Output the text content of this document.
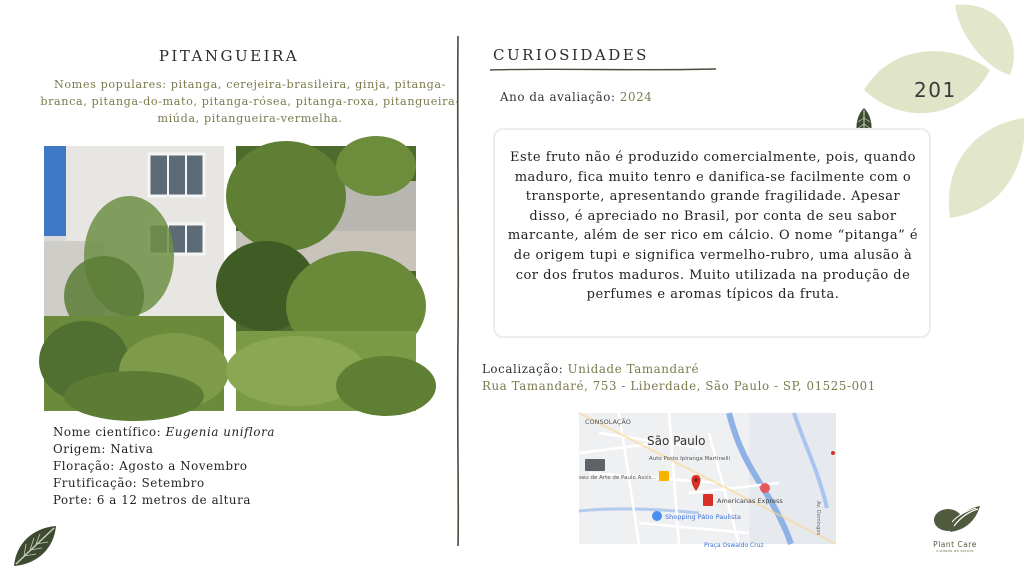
PITANGUEIRA
Nomes populares: pitanga, cerejeira-brasileira, ginja, pitanga-branca, pitanga-do-mato, pitanga-rósea, pitanga-roxa, pitangueira-miúda, pitangueira-vermelha.
Nome científico: Eugenia uniflora
Origem: Nativa
Floração: Agosto a Novembro
Frutificação: Setembro
Porte: 6 a 12 metros de altura
CURIOSIDADES
Ano da avaliação: 2024
Este fruto não é produzido comercialmente, pois, quando maduro, fica muito tenro e danifica-se facilmente com o transporte, apresentando grande fragilidade. Apesar disso, é apreciado no Brasil, por conta de seu sabor marcante, além de ser rico em cálcio. O nome “pitanga” é de origem tupi e significa vermelho-rubro, uma alusão à cor dos frutos maduros. Muito utilizada na produção de perfumes e aromas típicos da fruta.
Localização: Unidade Tamandaré
Rua Tamandaré, 753 - Liberdade, São Paulo - SP, 01525-001
CONSOLAÇÃO
São Paulo
Auto Posto Ipiranga Martinelli
seu de Arte de Paulo Assis...
Americanas Express
Shopping Pátio Paulista	Av. Domingos
Praça Oswaldo Cruz
201
Plant Care
cuidado da planta
